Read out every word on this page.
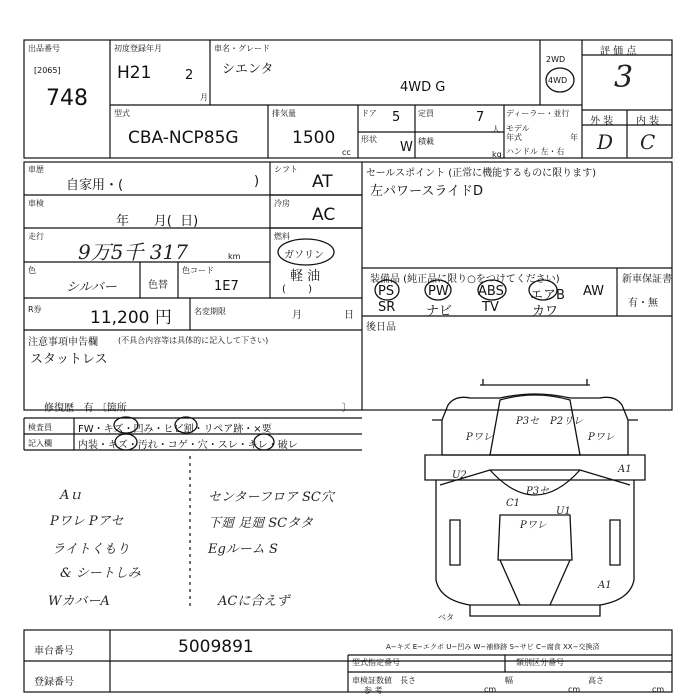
出品番号
[2065]
748
初度登録年月
H21	2
月
車名・グレード
シエンタ
4WD G
2WD
4WD
評 価 点
3
外 装 内 装
D C
型式
CBA-NCP85G
排気量
1500
cc
ドア 5
形状
W
定員	7
人
積載
kg
ディーラー・並行
モデル
年式	年
ハンドル 左・右
車歴
自家用・(	)
車検
年      月(  日)
走行
9万5千 317	km
色
シルバー	色替
色コード
1E7
R券	11,200 円	名変期限	月	日
シフト
AT
冷房
AC
燃料
ガソリン
軽 油
(       )
セールスポイント (正常に機能するものに限ります)
左パワースライドD
装備品 (純正品に限り○をつけてください)	新車保証書
有・無
PS	PW ABS エアB AW
SR ナビ TV	カワ
後日品
注意事項申告欄	(不具合内容等は具体的に記入して下さい)
スタットレス
修復歴   有 〔箇所	〕
検査員
記入欄
FW・キズ・凹み・ヒビ割・リペア跡・×要
内装・キズ・汚れ・コゲ・穴・スレ・キレ・破レ
Aｕ
Pワレ Pアセ
ライトくもり
& シートしみ
WカバーA
センターフロア SC穴
下廻 足廻 SCタタ
Egルーム S
ACに合えず
P3セ P2リレ
Pワレ	Pワレ
U2
A1
P3セ
C1
U1
Pワレ
A1
ベタ
車台番号	5009891
登録番号
A−キズ E−エクボ U−凹み W−補修跡 S−サビ C−腐食 XX−交換済
型式指定番号	類別区分番号
車検証数値 長さ	幅	高さ
参 考	cm	cm	cm
